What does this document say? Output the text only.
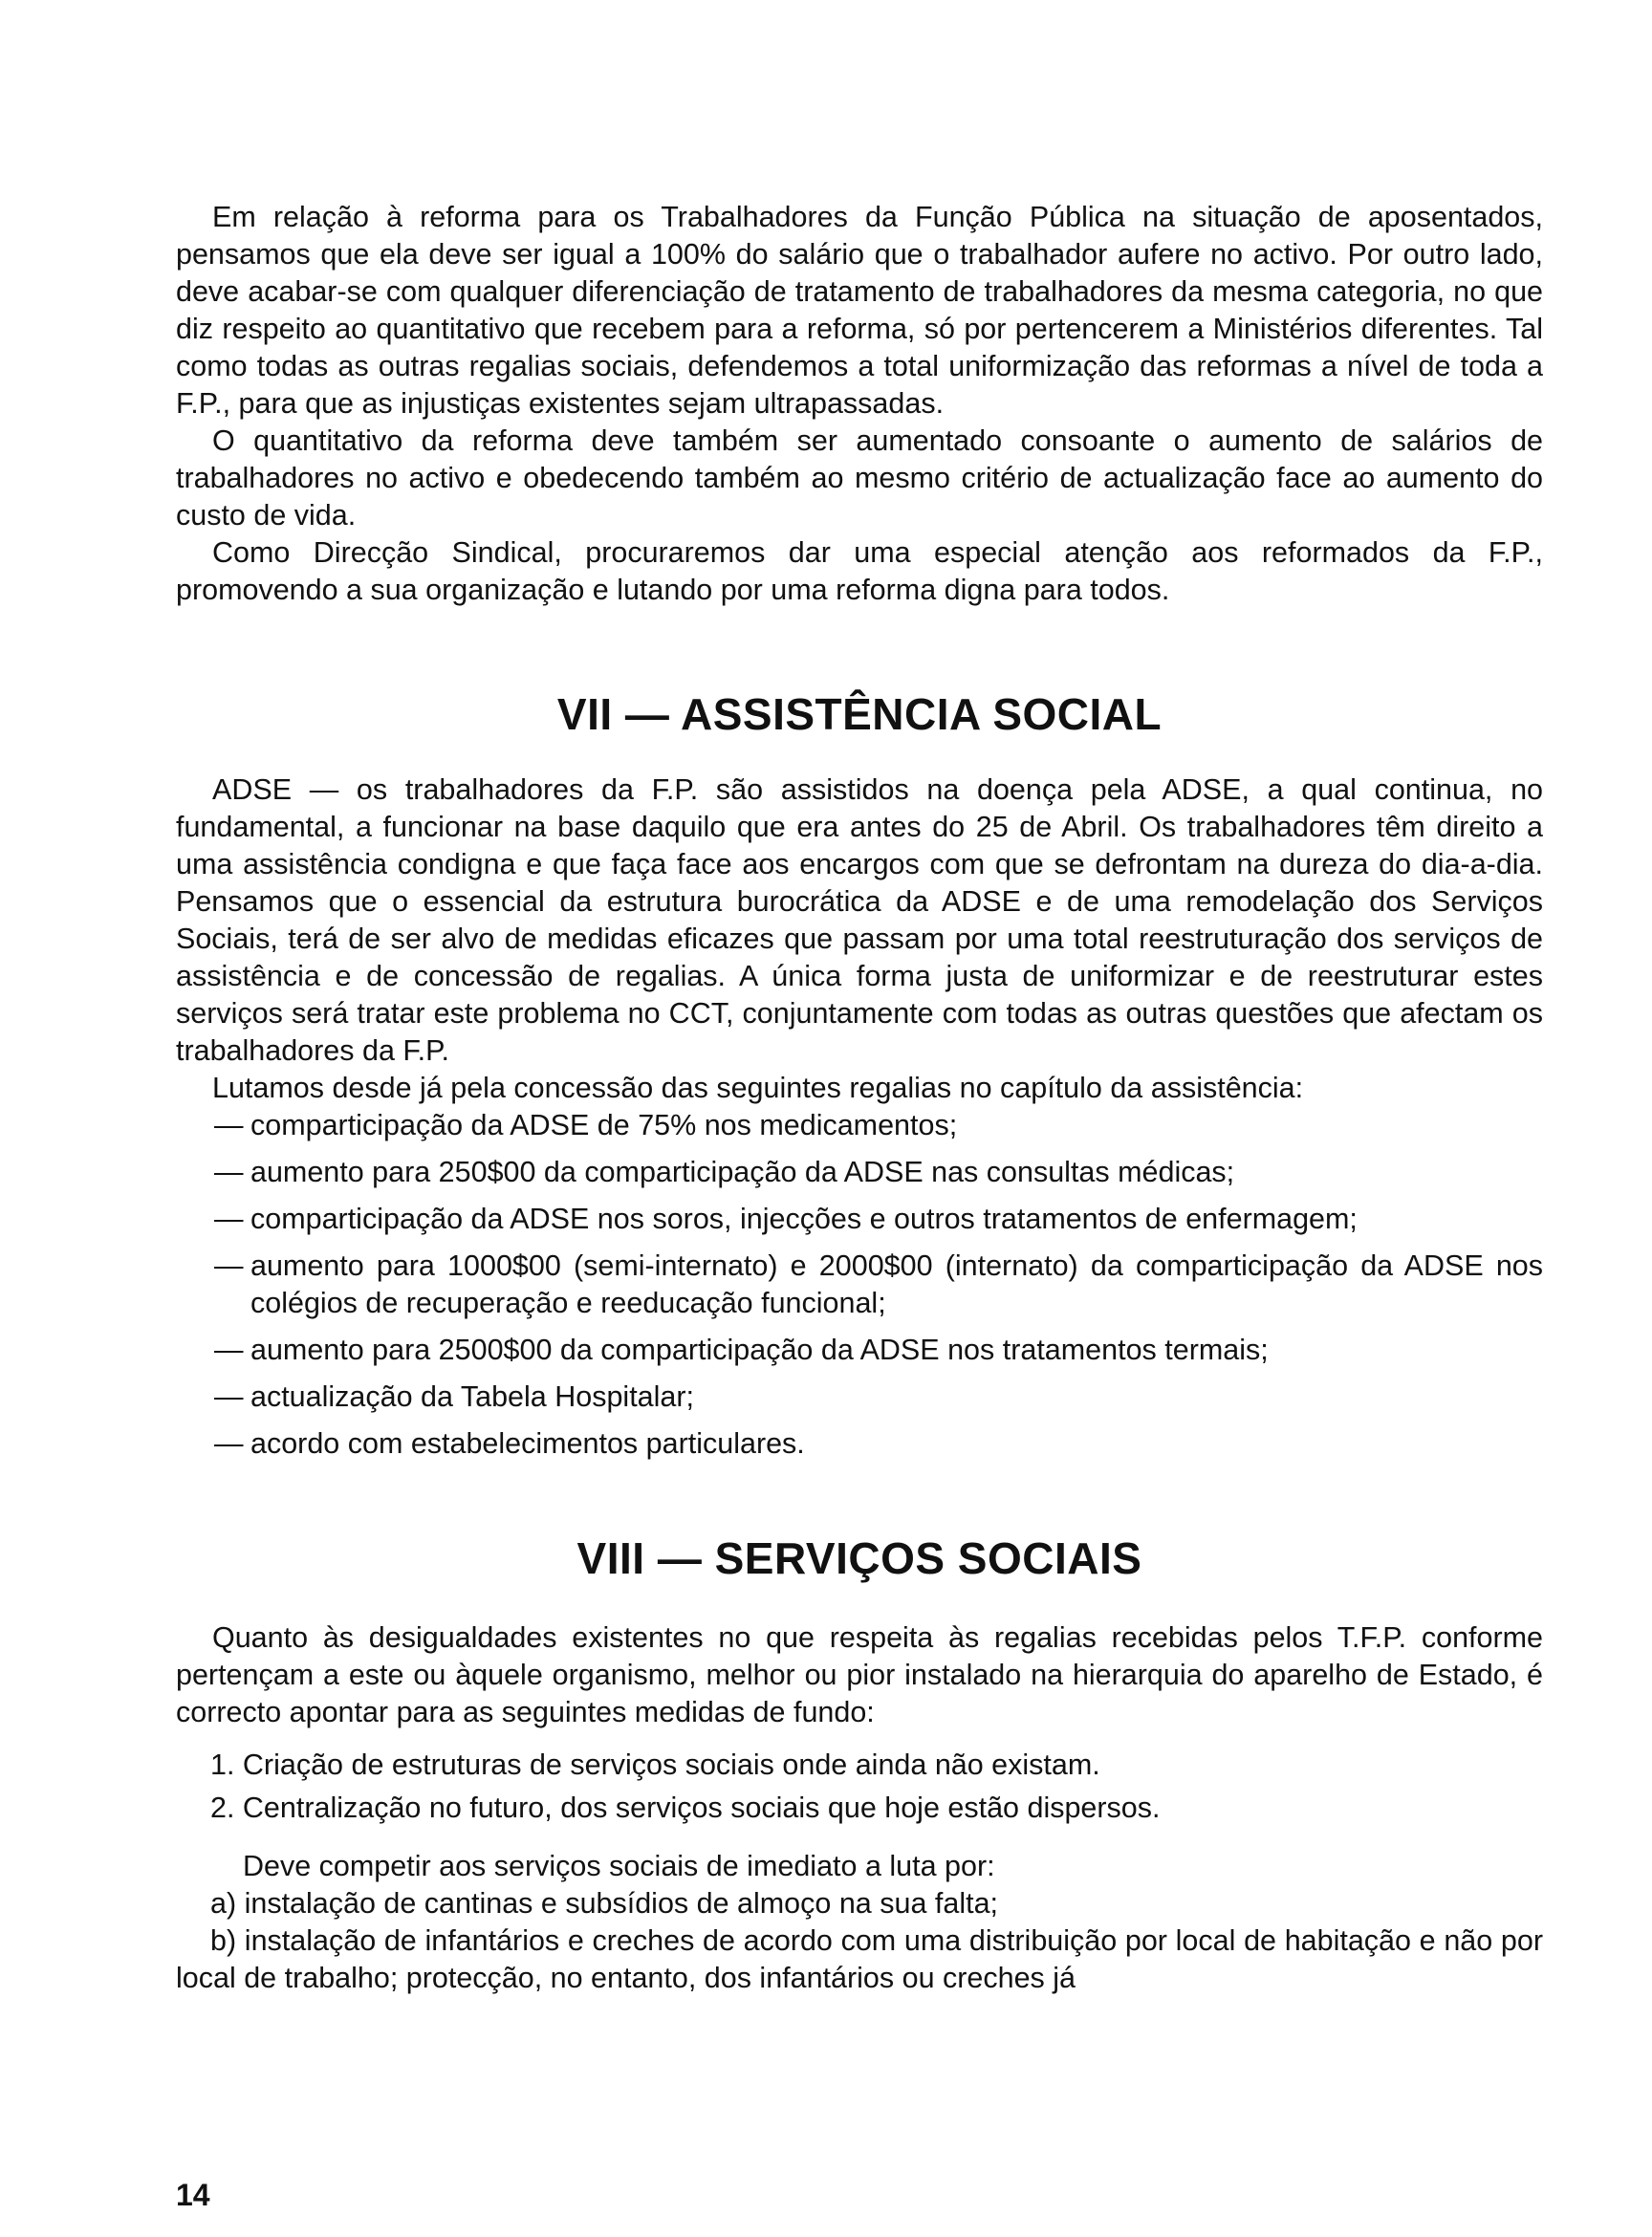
Em relação à reforma para os Trabalhadores da Função Pública na situação de aposentados, pensamos que ela deve ser igual a 100% do salário que o trabalhador aufere no activo. Por outro lado, deve acabar-se com qualquer diferenciação de tratamento de trabalhadores da mesma categoria, no que diz respeito ao quantitativo que recebem para a reforma, só por pertencerem a Ministérios diferentes. Tal como todas as outras regalias sociais, defendemos a total uniformização das reformas a nível de toda a F.P., para que as injustiças existentes sejam ultrapassadas.

O quantitativo da reforma deve também ser aumentado consoante o aumento de salários de trabalhadores no activo e obedecendo também ao mesmo critério de actualização face ao aumento do custo de vida.

Como Direcção Sindical, procuraremos dar uma especial atenção aos reformados da F.P., promovendo a sua organização e lutando por uma reforma digna para todos.

VII — ASSISTÊNCIA SOCIAL

ADSE — os trabalhadores da F.P. são assistidos na doença pela ADSE, a qual continua, no fundamental, a funcionar na base daquilo que era antes do 25 de Abril. Os trabalhadores têm direito a uma assistência condigna e que faça face aos encargos com que se defrontam na dureza do dia-a-dia. Pensamos que o essencial da estrutura burocrática da ADSE e de uma remodelação dos Serviços Sociais, terá de ser alvo de medidas eficazes que passam por uma total reestruturação dos serviços de assistência e de concessão de regalias. A única forma justa de uniformizar e de reestruturar estes serviços será tratar este problema no CCT, conjuntamente com todas as outras questões que afectam os trabalhadores da F.P.

Lutamos desde já pela concessão das seguintes regalias no capítulo da assistência:

— comparticipação da ADSE de 75% nos medicamentos;
— aumento para 250$00 da comparticipação da ADSE nas consultas médicas;
— comparticipação da ADSE nos soros, injecções e outros tratamentos de enfermagem;
— aumento para 1000$00 (semi-internato) e 2000$00 (internato) da comparticipação da ADSE nos colégios de recuperação e reeducação funcional;
— aumento para 2500$00 da comparticipação da ADSE nos tratamentos termais;
— actualização da Tabela Hospitalar;
— acordo com estabelecimentos particulares.
VIII — SERVIÇOS SOCIAIS

Quanto às desigualdades existentes no que respeita às regalias recebidas pelos T.F.P. conforme pertençam a este ou àquele organismo, melhor ou pior instalado na hierarquia do aparelho de Estado, é correcto apontar para as seguintes medidas de fundo:

1. Criação de estruturas de serviços sociais onde ainda não existam.
2. Centralização no futuro, dos serviços sociais que hoje estão dispersos.

Deve competir aos serviços sociais de imediato a luta por:

a) instalação de cantinas e subsídios de almoço na sua falta;

b) instalação de infantários e creches de acordo com uma distribuição por local de habitação e não por local de trabalho; protecção, no entanto, dos infantários ou creches já

14
